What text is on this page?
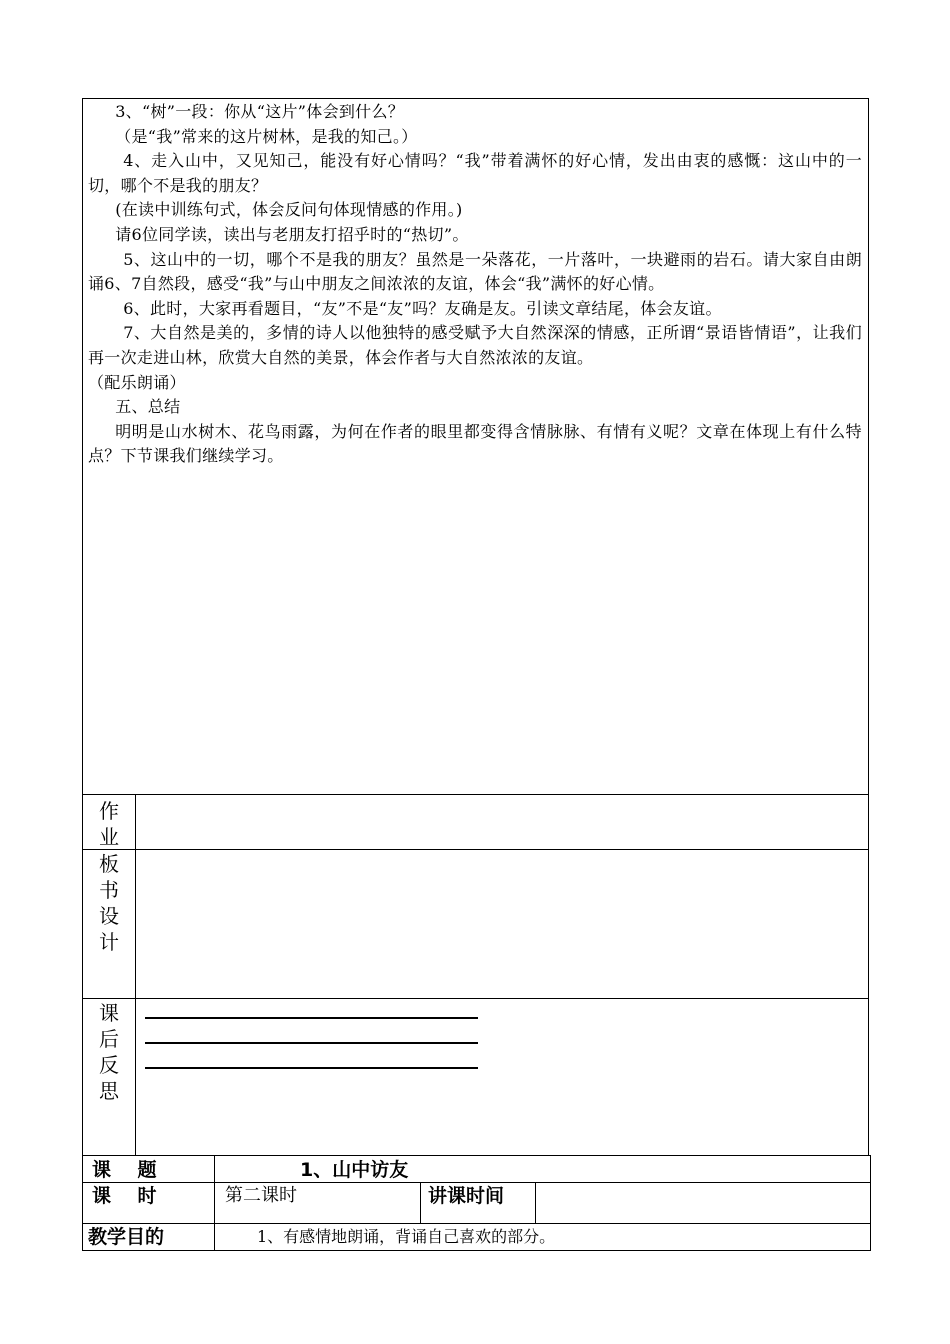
3、“树”一段：你从“这片”体会到什么？

（是“我”常来的这片树林，是我的知己。）

4、走入山中，又见知己，能没有好心情吗？“我”带着满怀的好心情，发出由衷的感慨：这山中的一切，哪个不是我的朋友？

(在读中训练句式，体会反问句体现情感的作用。)

请6位同学读，读出与老朋友打招乎时的“热切”。

5、这山中的一切，哪个不是我的朋友？虽然是一朵落花，一片落叶，一块避雨的岩石。请大家自由朗诵6、7自然段，感受“我”与山中朋友之间浓浓的友谊，体会“我”满怀的好心情。

6、此时，大家再看题目，“友”不是“友”吗？友确是友。引读文章结尾，体会友谊。

7、大自然是美的，多情的诗人以他独特的感受赋予大自然深深的情感，正所谓“景语皆情语”，让我们再一次走进山林，欣赏大自然的美景，体会作者与大自然浓浓的友谊。

（配乐朗诵）

五、总结

明明是山水树木、花鸟雨露，为何在作者的眼里都变得含情脉脉、有情有义呢？文章在体现上有什么特点？下节课我们继续学习。

作
业
板
书
设
计
课
后
反
思
课    题	1、山中访友
课    时	第二课时	讲课时间
教学目的	1、有感情地朗诵，背诵自己喜欢的部分。
